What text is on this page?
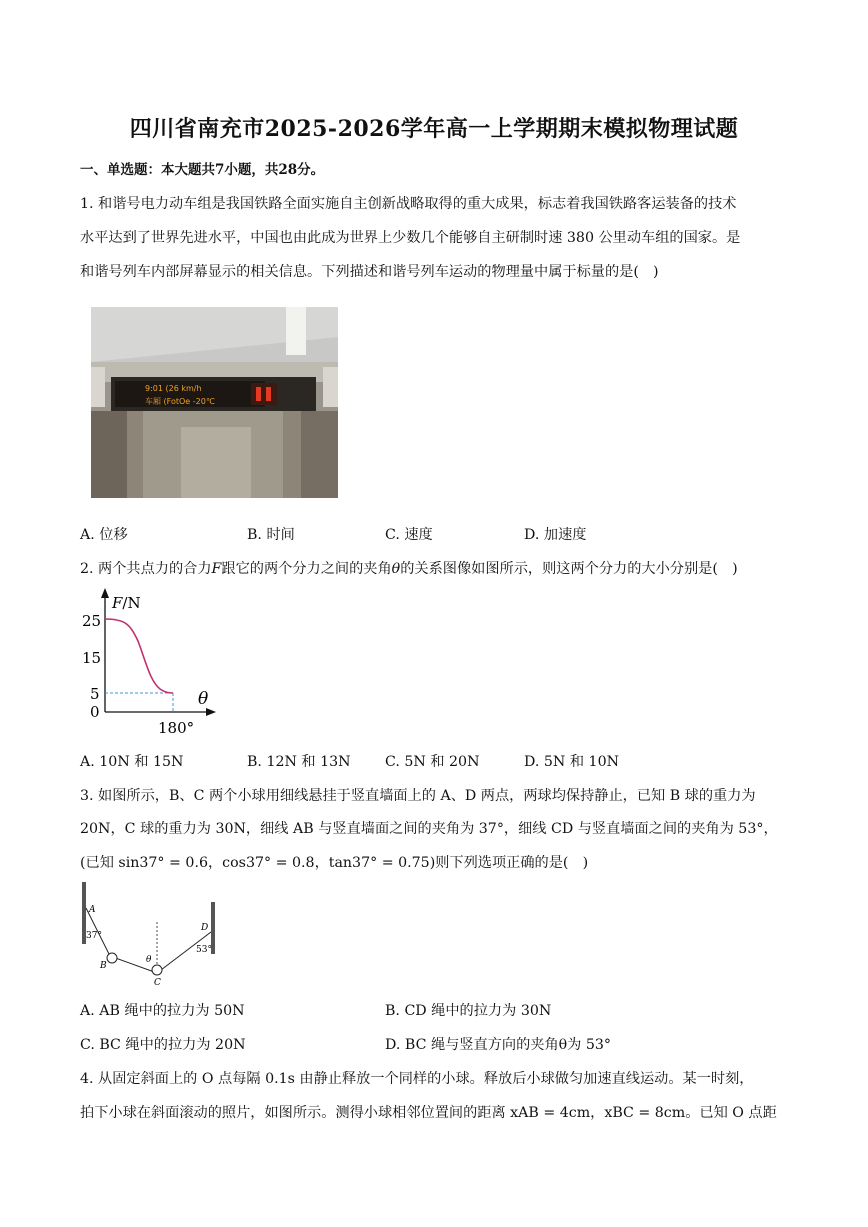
四川省南充市2025-2026学年高一上学期期末模拟物理试题
一、单选题：本大题共7小题，共28分。
1. 和谐号电力动车组是我国铁路全面实施自主创新战略取得的重大成果，标志着我国铁路客运装备的技术
水平达到了世界先进水平，中国也由此成为世界上少数几个能够自主研制时速 380 公里动车组的国家。是
和谐号列车内部屏幕显示的相关信息。下列描述和谐号列车运动的物理量中属于标量的是(　)
9:01 (26 km/h
车厢 (FotOe -20℃
A. 位移	B. 时间	C. 速度	D. 加速度
2. 两个共点力的合力F跟它的两个分力之间的夹角θ的关系图像如图所示，则这两个分力的大小分别是(　)
F/N
θ
25
15
5
0
180°
A. 10N 和 15N	B. 12N 和 13N C. 5N 和 20N	D. 5N 和 10N
3. 如图所示，B、C 两个小球用细线悬挂于竖直墙面上的 A、D 两点，两球均保持静止，已知 B 球的重力为
20N，C 球的重力为 30N，细线 AB 与竖直墙面之间的夹角为 37°，细线 CD 与竖直墙面之间的夹角为 53°，
(已知 sin37° = 0.6，cos37° = 0.8，tan37° = 0.75)则下列选项正确的是(　)
A
37°
B
θ
C
D
53°
A. AB 绳中的拉力为 50N	B. CD 绳中的拉力为 30N
C. BC 绳中的拉力为 20N	D. BC 绳与竖直方向的夹角θ为 53°
4. 从固定斜面上的 O 点每隔 0.1s 由静止释放一个同样的小球。释放后小球做匀加速直线运动。某一时刻，
拍下小球在斜面滚动的照片，如图所示。测得小球相邻位置间的距离 xAB = 4cm，xBC = 8cm。已知 O 点距
